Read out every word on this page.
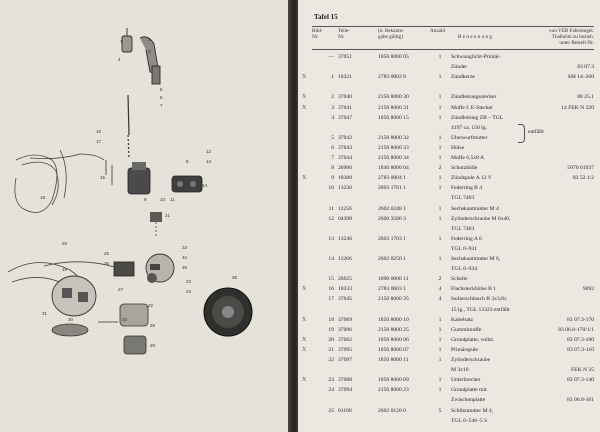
2
3
4
1
16
17
12
13
8
9	10 11
14
18
21
20
25
26
33
34
35
23
24
27
36
22
28
29
30
31
32
5
6
7
19
15
Tafel 15
Bild-
Nr.
Teile-
Nr.
(n. Bekannt-
gabe gültig)
Anzahl
B e n e n n u n g
von VEB Fahrzeugel.
Thalheim zu bezieh.
unter Bestell-Nr.
— 37051	1850 8000 05	1	Schwunglicht-Primär-
Zünder	83 07.3
X	1 18321	2783 0002 8	1	Zündkerze	SM 14–260
X	2 37040	2150 8000 30	1	Zündleitungsstecker	88 25.1
X	3 37041	2150 8000 31	1	Muffe f. E-Stecker	14 FEK N 320
4 37047	1850 8000 15	1	Zündleitung ZB – TGL
4197 ca. 150 lg.
5 37042	2150 8000 32	1	Überwurfmutter
6 37043	2150 8000 33	1	Hülse
7 37044	2150 8000 34	1	Muffe 6,5x8 A
8 26906	1840 8000 04	2	Schutzhülle	5070 01937
X	9 18380	2783 0004 1	1	Zündspule A 12 V	83 52.1/2
10 13236	2603 1701 1	1	Federring B 4
TGL 7403
11 11256	2602 0248 1	1	Sechskantmutter M 4
12 04398	2600 3586 3	1	Zylinderschraube M 6x40,
TGL 7403
13 13246	2603 1703 1	1	Federring A 6
TGL 0–931
14 11266	2602 0250 1	1	Sechskantmutter M 6,
TGL 0–934
15 26025	1890 0000 11	2	Schelle
X	16 18333	2783 0003 1	4	Flachsteckhülse B 1	9092
17 37045	2150 8000 35	4	Isolierschlauch B 3x3,8x
15 lg., TGL 13323 entfällt
X	18 37069	1850 8000 10	1	Kabelsatz	83 07.3-170
19 37096	2150 8000 25	1	Gummimuffe	83 06.8-170/1/1
X	20 37062	1850 8000 06	1	Grundplatte, vollst.	83 07.3-100
X	21 37095	1850 8000 07	1	Primärspule	83 07.3-110
22 37097	1850 8000 11	1	Zylinderschraube
M 3x10	FEK N 35
X	23 37088	1850 8000 09	1	Unterbrecher	83 07.3-140
24 37094	2150 8000 23	1	Grundplatte mit
Zwischenplatte	83 06.8-101
25 01108	2602 0120 0	5	Schlitzmutter M 4,
TGL 0–546–5 S
entfällt
